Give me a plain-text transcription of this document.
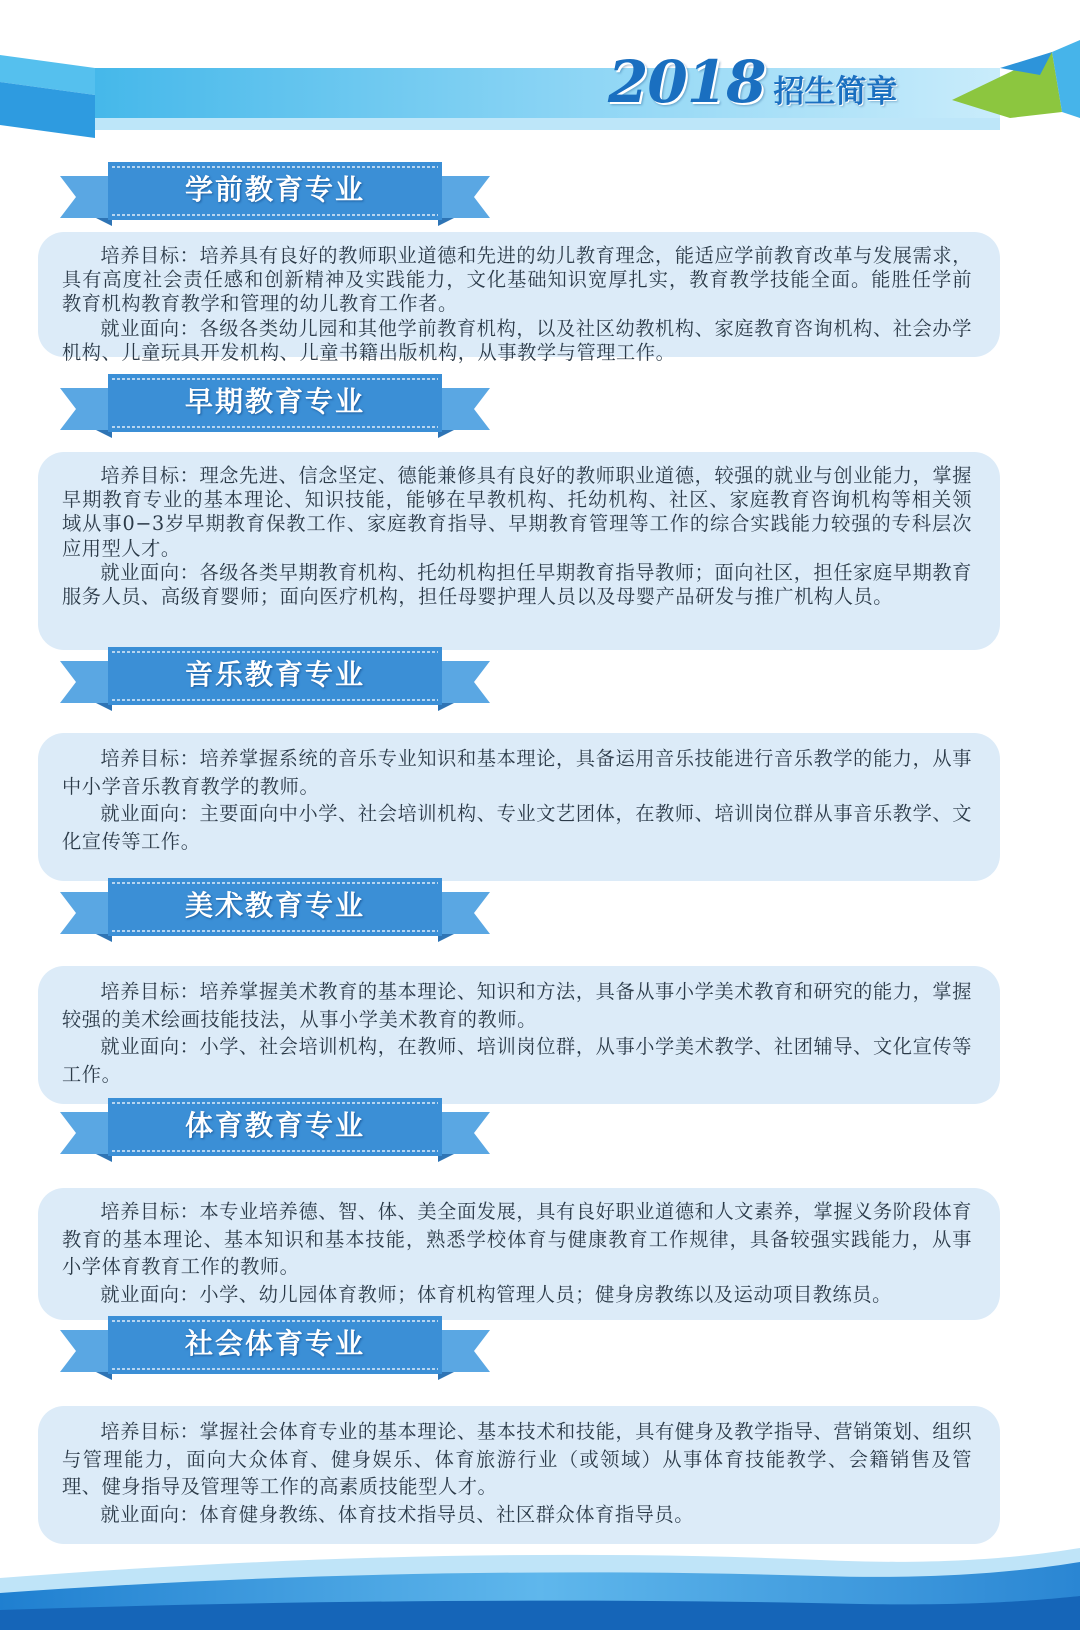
2018 招生简章
学前教育专业

培养目标：培养具有良好的教师职业道德和先进的幼儿教育理念，能适应学前教育改革与发展需求，具有高度社会责任感和创新精神及实践能力，文化基础知识宽厚扎实，教育教学技能全面。能胜任学前教育机构教育教学和管理的幼儿教育工作者。

就业面向：各级各类幼儿园和其他学前教育机构，以及社区幼教机构、家庭教育咨询机构、社会办学机构、儿童玩具开发机构、儿童书籍出版机构，从事教学与管理工作。

早期教育专业

培养目标：理念先进、信念坚定、德能兼修具有良好的教师职业道德，较强的就业与创业能力，掌握早期教育专业的基本理论、知识技能，能够在早教机构、托幼机构、社区、家庭教育咨询机构等相关领域从事0−3岁早期教育保教工作、家庭教育指导、早期教育管理等工作的综合实践能力较强的专科层次应用型人才。

就业面向：各级各类早期教育机构、托幼机构担任早期教育指导教师；面向社区，担任家庭早期教育服务人员、高级育婴师；面向医疗机构，担任母婴护理人员以及母婴产品研发与推广机构人员。

音乐教育专业

培养目标：培养掌握系统的音乐专业知识和基本理论，具备运用音乐技能进行音乐教学的能力，从事中小学音乐教育教学的教师。

就业面向：主要面向中小学、社会培训机构、专业文艺团体，在教师、培训岗位群从事音乐教学、文化宣传等工作。

美术教育专业

培养目标：培养掌握美术教育的基本理论、知识和方法，具备从事小学美术教育和研究的能力，掌握较强的美术绘画技能技法，从事小学美术教育的教师。

就业面向：小学、社会培训机构，在教师、培训岗位群，从事小学美术教学、社团辅导、文化宣传等工作。

体育教育专业

培养目标：本专业培养德、智、体、美全面发展，具有良好职业道德和人文素养，掌握义务阶段体育教育的基本理论、基本知识和基本技能，熟悉学校体育与健康教育工作规律，具备较强实践能力，从事小学体育教育工作的教师。

就业面向：小学、幼儿园体育教师；体育机构管理人员；健身房教练以及运动项目教练员。

社会体育专业

培养目标：掌握社会体育专业的基本理论、基本技术和技能，具有健身及教学指导、营销策划、组织与管理能力，面向大众体育、健身娱乐、体育旅游行业（或领域）从事体育技能教学、会籍销售及管理、健身指导及管理等工作的高素质技能型人才。

就业面向：体育健身教练、体育技术指导员、社区群众体育指导员。
